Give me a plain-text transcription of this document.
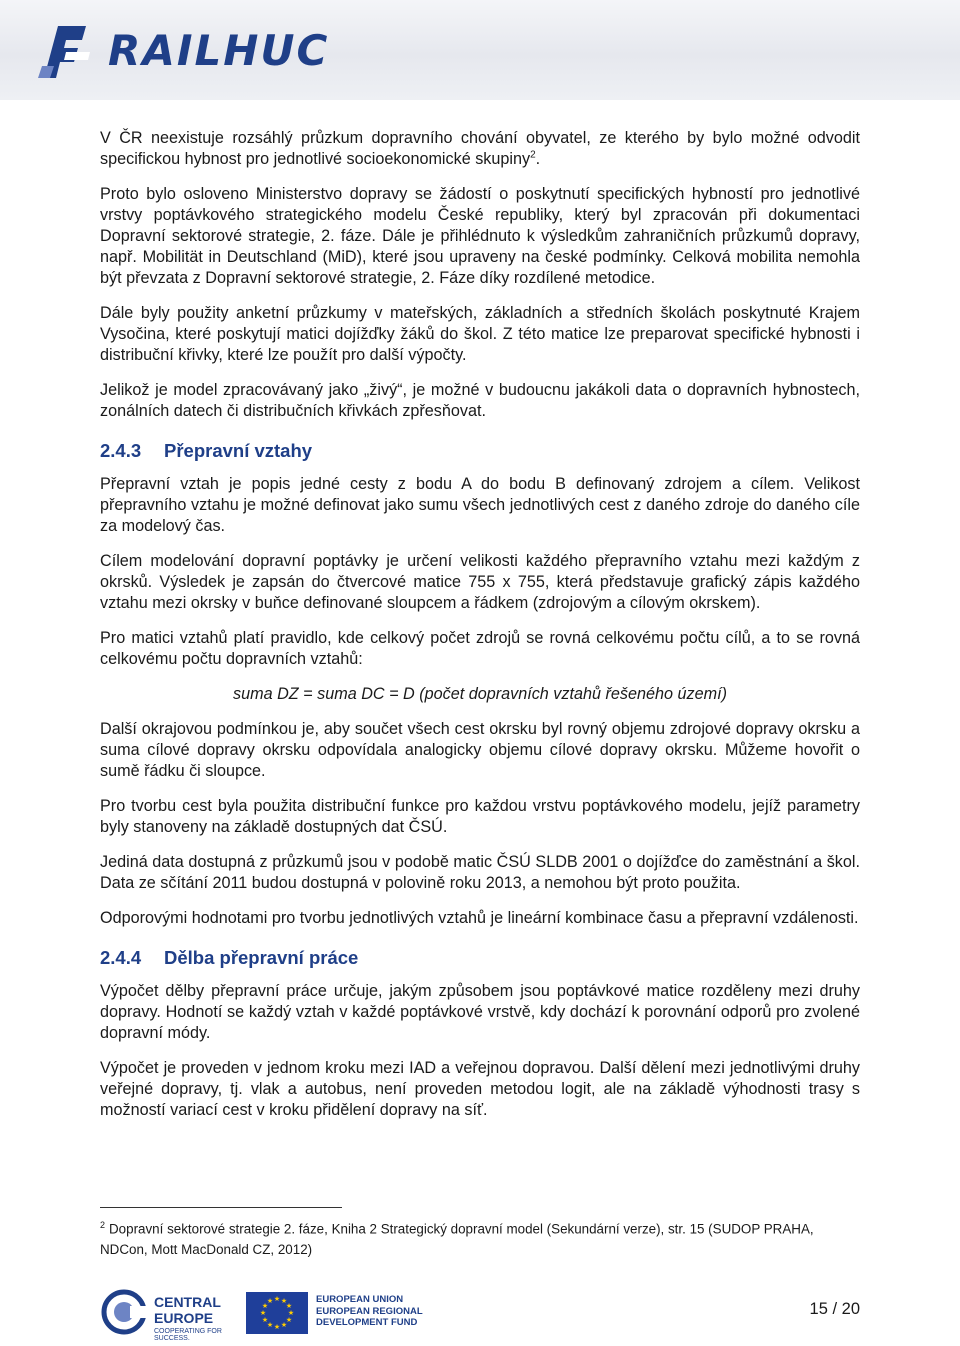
RAILHUC

V ČR neexistuje rozsáhlý průzkum dopravního chování obyvatel, ze kterého by bylo možné odvodit specifickou hybnost pro jednotlivé socioekonomické skupiny$^2$.

Proto bylo osloveno Ministerstvo dopravy se žádostí o poskytnutí specifických hybností pro jednotlivé vrstvy poptávkového strategického modelu České republiky, který byl zpracován při dokumentaci Dopravní sektorové strategie, 2. fáze. Dále je přihlédnuto k výsledkům zahraničních průzkumů dopravy, např. Mobilität in Deutschland (MiD), které jsou upraveny na české podmínky. Celková mobilita nemohla být převzata z Dopravní sektorové strategie, 2. Fáze díky rozdílené metodice.

Dále byly použity anketní průzkumy v mateřských, základních a středních školách poskytnuté Krajem Vysočina, které poskytují matici dojížďky žáků do škol. Z této matice lze preparovat specifické hybnosti i distribuční křivky, které lze použít pro další výpočty.

Jelikož je model zpracovávaný jako „živý“, je možné v budoucnu jakákoli data o dopravních hybnostech, zonálních datech či distribučních křivkách zpřesňovat.

2.4.3 Přepravní vztahy

Přepravní vztah je popis jedné cesty z bodu A do bodu B definovaný zdrojem a cílem. Velikost přepravního vztahu je možné definovat jako sumu všech jednotlivých cest z daného zdroje do daného cíle za modelový čas.

Cílem modelování dopravní poptávky je určení velikosti každého přepravního vztahu mezi každým z okrsků. Výsledek je zapsán do čtvercové matice 755 x 755, která představuje grafický zápis každého vztahu mezi okrsky v buňce definované sloupcem a řádkem (zdrojovým a cílovým okrskem).

Pro matici vztahů platí pravidlo, kde celkový počet zdrojů se rovná celkovému počtu cílů, a to se rovná celkovému počtu dopravních vztahů:

suma DZ = suma DC = D (počet dopravních vztahů řešeného území)

Další okrajovou podmínkou je, aby součet všech cest okrsku byl rovný objemu zdrojové dopravy okrsku a suma cílové dopravy okrsku odpovídala analogicky objemu cílové dopravy okrsku. Můžeme hovořit o sumě řádku či sloupce.

Pro tvorbu cest byla použita distribuční funkce pro každou vrstvu poptávkového modelu, jejíž parametry byly stanoveny na základě dostupných dat ČSÚ.

Jediná data dostupná z průzkumů jsou v podobě matic ČSÚ SLDB 2001 o dojížďce do zaměstnání a škol. Data ze sčítání 2011 budou dostupná v polovině roku 2013, a nemohou být proto použita.

Odporovými hodnotami pro tvorbu jednotlivých vztahů je lineární kombinace času a přepravní vzdálenosti.

2.4.4 Dělba přepravní práce

Výpočet dělby přepravní práce určuje, jakým způsobem jsou poptávkové matice rozděleny mezi druhy dopravy. Hodnotí se každý vztah v každé poptávkové vrstvě, kdy dochází k porovnání odporů pro zvolené dopravní módy.

Výpočet je proveden v jednom kroku mezi IAD a veřejnou dopravou. Další dělení mezi jednotlivými druhy veřejné dopravy, tj. vlak a autobus, není proveden metodou logit, ale na základě výhodnosti trasy s možností variací cest v kroku přidělení dopravy na síť.

$^2$ Dopravní sektorové strategie 2. fáze, Kniha 2 Strategický dopravní model (Sekundární verze), str. 15 (SUDOP PRAHA, NDCon, Mott MacDonald CZ, 2012)
CENTRAL
EUROPE
COOPERATING FOR SUCCESS.
★ ★
★
★
★
★
★
★
★
★
★
★	EUROPEAN UNION
EUROPEAN REGIONAL
DEVELOPMENT FUND
15 / 20
